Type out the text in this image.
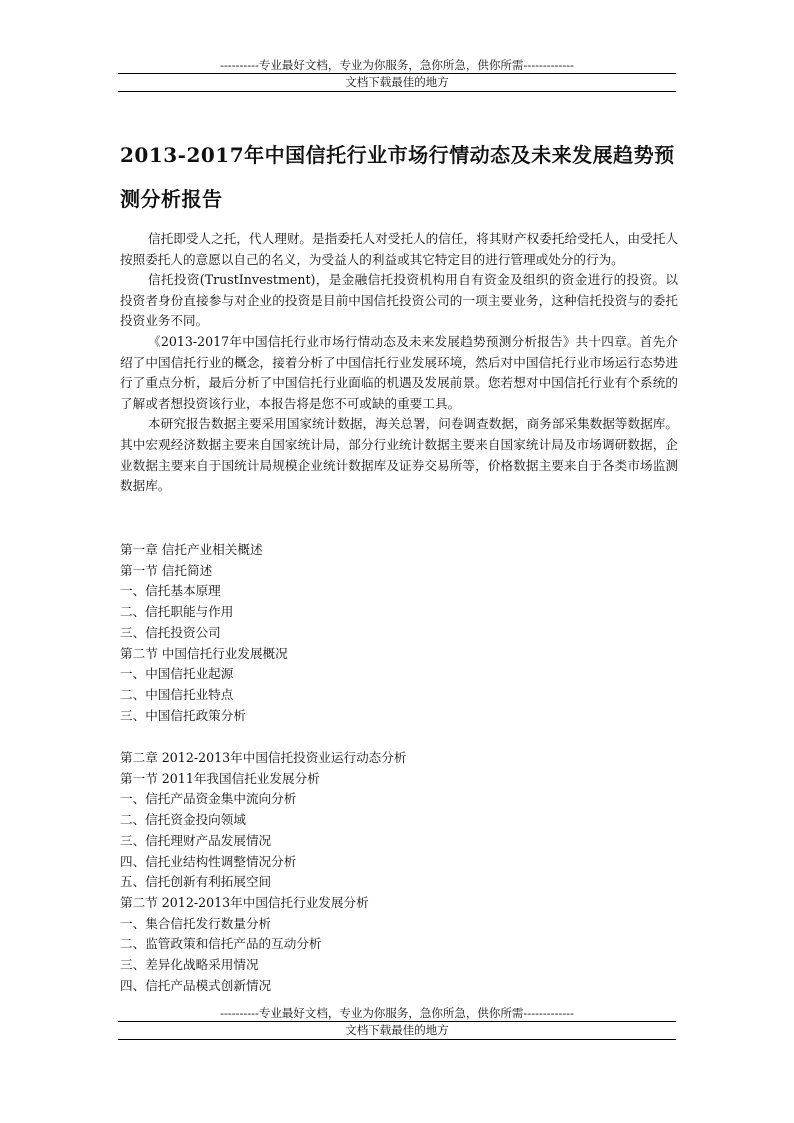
----------专业最好文档，专业为你服务，急你所急，供你所需-------------
文档下载最佳的地方
2013-2017年中国信托行业市场行情动态及未来发展趋势预测分析报告

信托即受人之托，代人理财。是指委托人对受托人的信任，将其财产权委托给受托人，由受托人按照委托人的意愿以自己的名义，为受益人的利益或其它特定目的进行管理或处分的行为。

信托投资(TrustInvestment)，是金融信托投资机构用自有资金及组织的资金进行的投资。以投资者身份直接参与对企业的投资是目前中国信托投资公司的一项主要业务，这种信托投资与的委托投资业务不同。

《2013-2017年中国信托行业市场行情动态及未来发展趋势预测分析报告》共十四章。首先介绍了中国信托行业的概念，接着分析了中国信托行业发展环境，然后对中国信托行业市场运行态势进行了重点分析，最后分析了中国信托行业面临的机遇及发展前景。您若想对中国信托行业有个系统的了解或者想投资该行业，本报告将是您不可或缺的重要工具。

本研究报告数据主要采用国家统计数据，海关总署，问卷调查数据，商务部采集数据等数据库。其中宏观经济数据主要来自国家统计局，部分行业统计数据主要来自国家统计局及市场调研数据，企业数据主要来自于国统计局规模企业统计数据库及证券交易所等，价格数据主要来自于各类市场监测数据库。

第一章 信托产业相关概述
第一节 信托简述
一、信托基本原理
二、信托职能与作用
三、信托投资公司
第二节 中国信托行业发展概况
一、中国信托业起源
二、中国信托业特点
三、中国信托政策分析
第二章 2012-2013年中国信托投资业运行动态分析
第一节 2011年我国信托业发展分析
一、信托产品资金集中流向分析
二、信托资金投向领域
三、信托理财产品发展情况
四、信托业结构性调整情况分析
五、信托创新有利拓展空间
第二节 2012-2013年中国信托行业发展分析
一、集合信托发行数量分析
二、监管政策和信托产品的互动分析
三、差异化战略采用情况
四、信托产品模式创新情况
----------专业最好文档，专业为你服务，急你所急，供你所需-------------
文档下载最佳的地方
